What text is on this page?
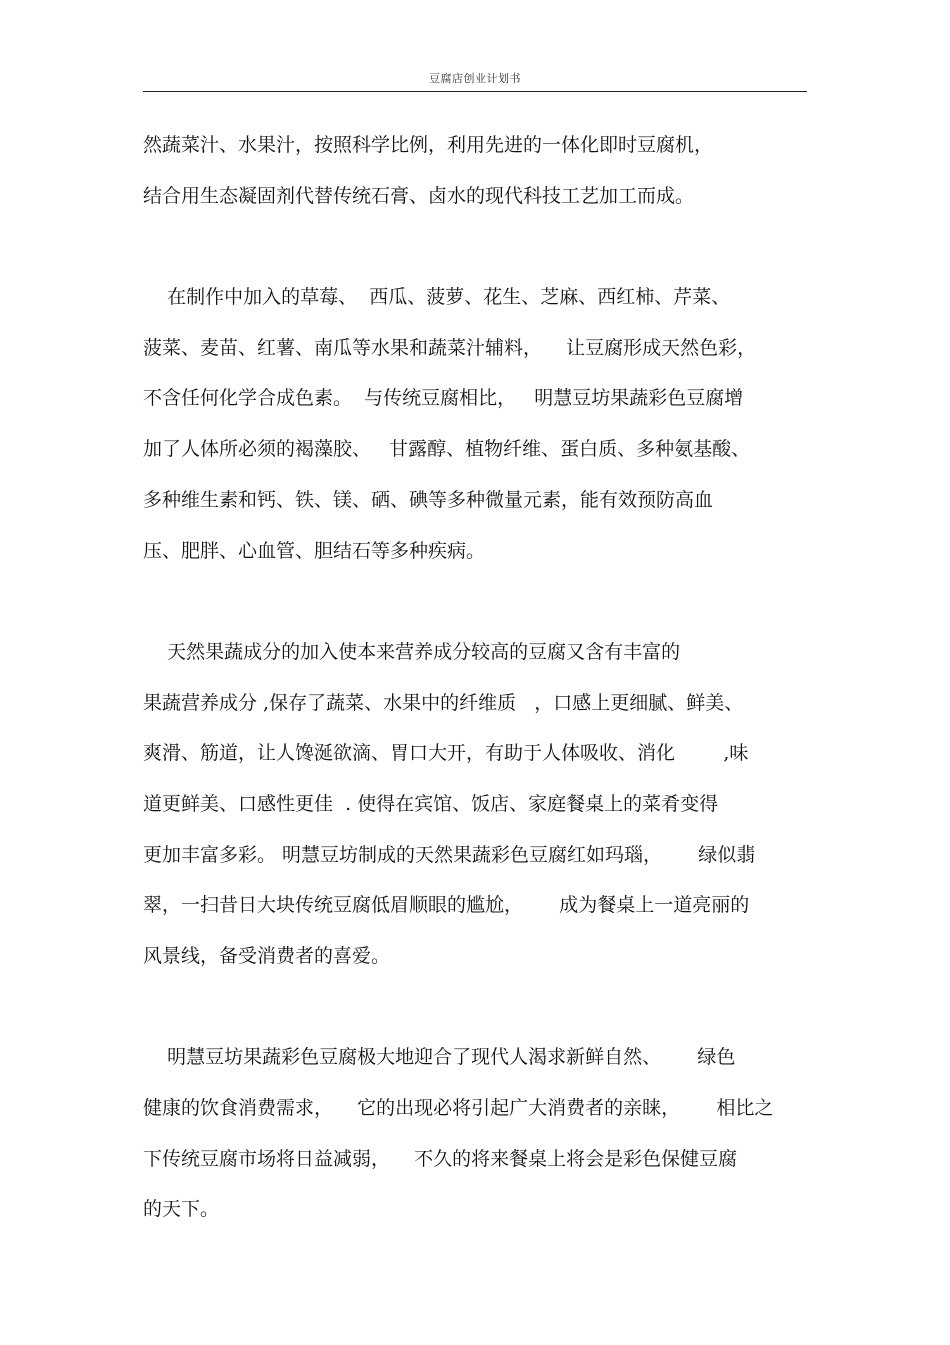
豆腐店创业计划书
然蔬菜汁、水果汁，按照科学比例，利用先进的一体化即时豆腐机，
结合用生态凝固剂代替传统石膏、卤水的现代科技工艺加工而成。
在制作中加入的草莓、  西瓜、菠萝、花生、芝麻、西红柿、芹菜、
菠菜、麦苗、红薯、南瓜等水果和蔬菜汁辅料，    让豆腐形成天然色彩，
不含任何化学合成色素。  与传统豆腐相比，   明慧豆坊果蔬彩色豆腐增
加了人体所必须的褐藻胶、   甘露醇、植物纤维、蛋白质、多种氨基酸、
多种维生素和钙、铁、镁、硒、碘等多种微量元素，能有效预防高血
压、肥胖、心血管、胆结石等多种疾病。
天然果蔬成分的加入使本来营养成分较高的豆腐又含有丰富的
果蔬营养成分 ,保存了蔬菜、水果中的纤维质   ，口感上更细腻、鲜美、
爽滑、筋道，让人馋涎欲滴、胃口大开，有助于人体吸收、消化        ,味
道更鲜美、口感性更佳  . 使得在宾馆、饭店、家庭餐桌上的菜肴变得
更加丰富多彩。 明慧豆坊制成的天然果蔬彩色豆腐红如玛瑙，      绿似翡
翠，一扫昔日大块传统豆腐低眉顺眼的尴尬，      成为餐桌上一道亮丽的
风景线，备受消费者的喜爱。
明慧豆坊果蔬彩色豆腐极大地迎合了现代人渴求新鲜自然、      绿色
健康的饮食消费需求，    它的出现必将引起广大消费者的亲睐，      相比之
下传统豆腐市场将日益减弱，    不久的将来餐桌上将会是彩色保健豆腐
的天下。
